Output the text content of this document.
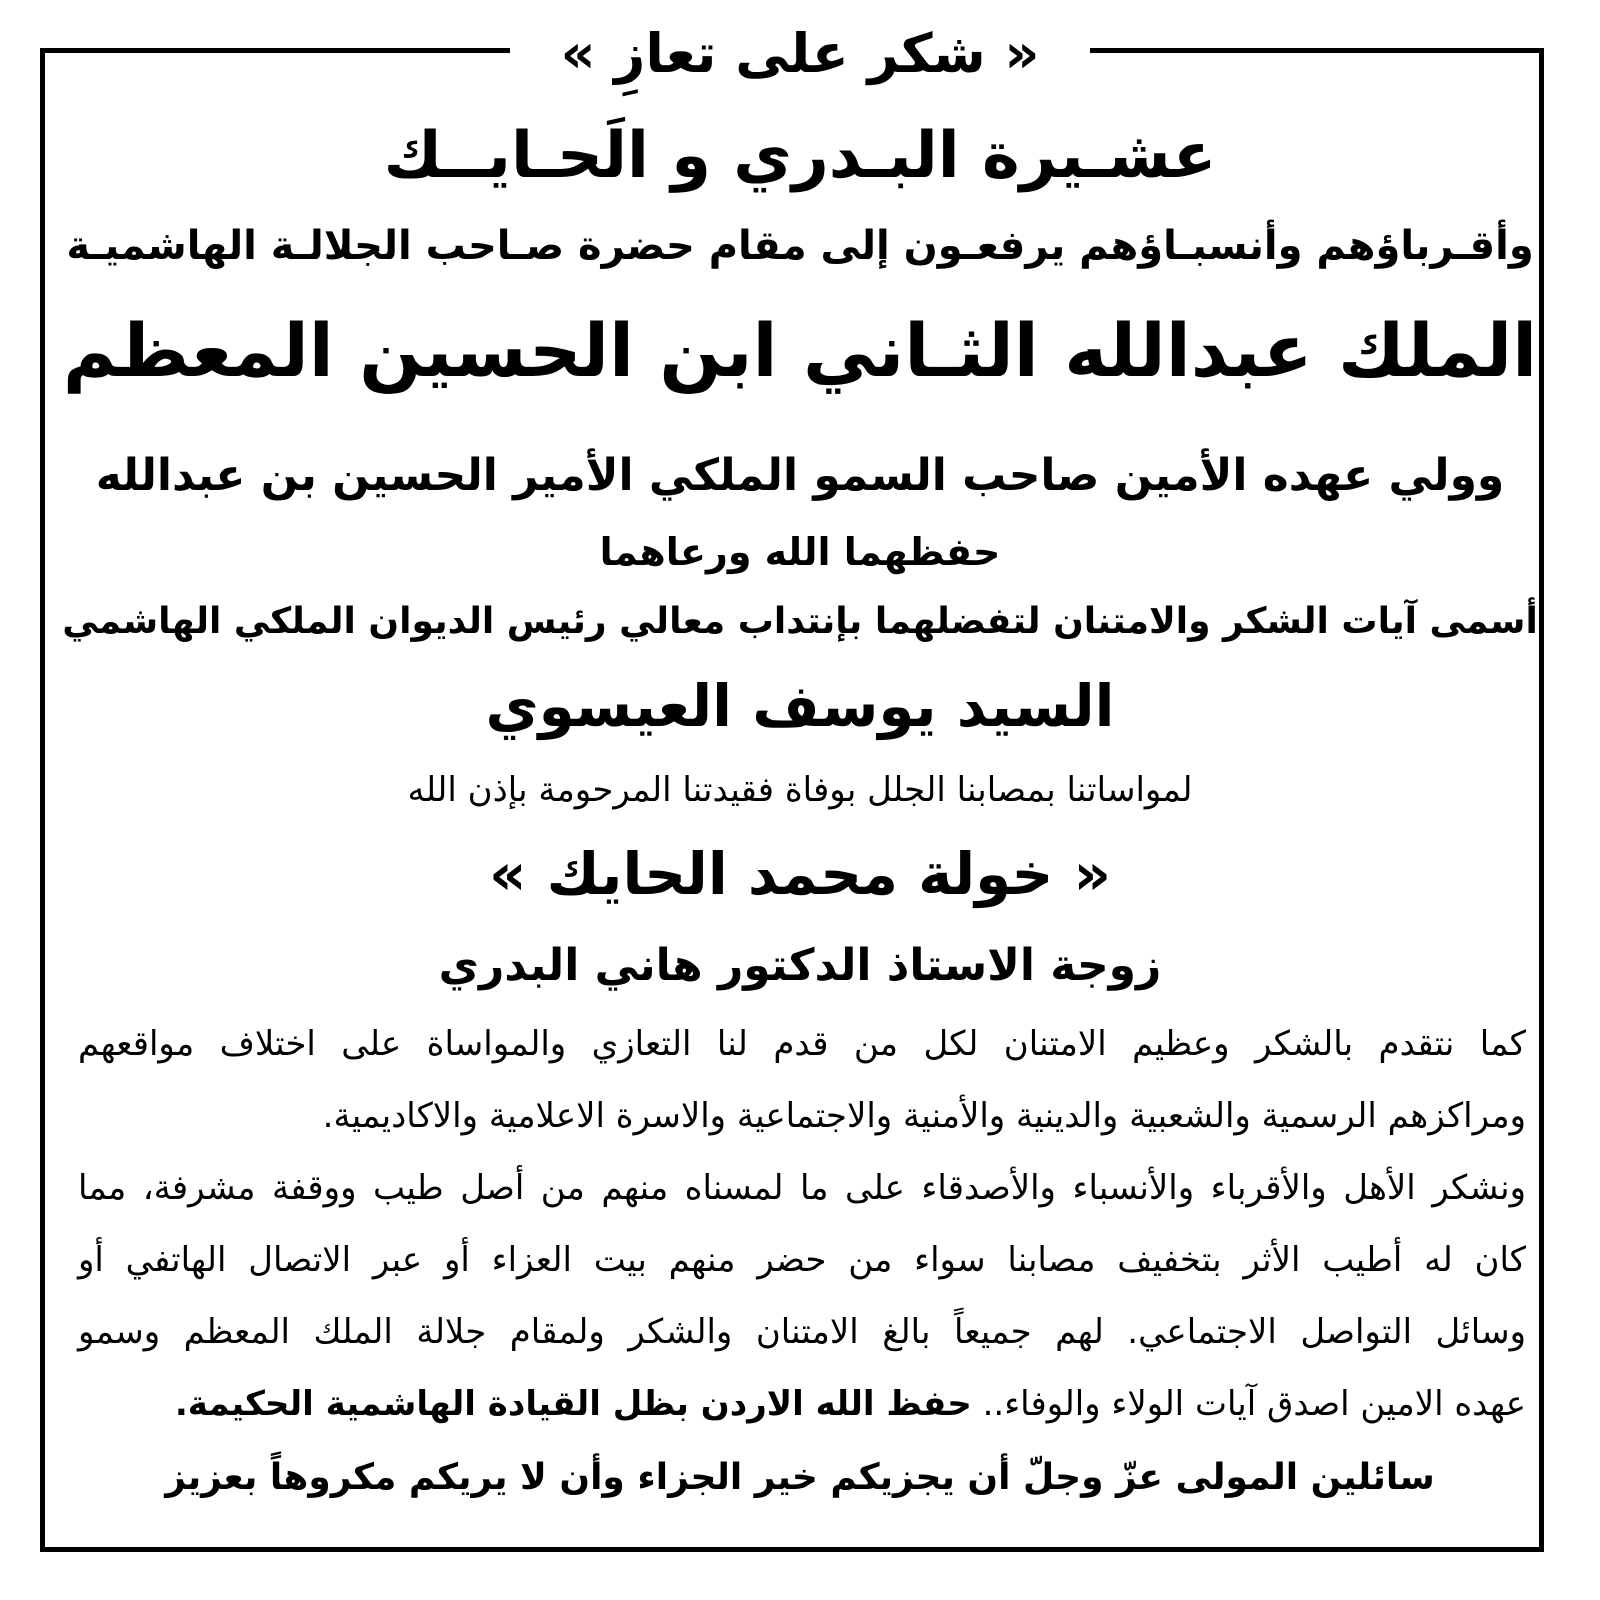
« شكر على تعازِ »
عشـيرة البـدري و الَحـايــك
وأقـرباؤهم وأنسبـاؤهم يرفعـون إلى مقام حضرة صـاحب الجلالـة الهاشميـة
الملك عبدالله الثـاني ابن الحسين المعظم
وولي عهده الأمين صاحب السمو الملكي الأمير الحسين بن عبدالله
حفظهما الله ورعاهما
أسمى آيات الشكر والامتنان لتفضلهما بإنتداب معالي رئيس الديوان الملكي الهاشمي
السيد يوسف العيسوي
لمواساتنا بمصابنا الجلل بوفاة فقيدتنا المرحومة بإذن الله
« خولة محمد الحايك »
زوجة الاستاذ الدكتور هاني البدري
كما نتقدم بالشكر وعظيم الامتنان لكل من قدم لنا التعازي والمواساة على اختلاف مواقعهم
ومراكزهم الرسمية والشعبية والدينية والأمنية والاجتماعية والاسرة الاعلامية والاكاديمية.
ونشكر الأهل والأقرباء والأنسباء والأصدقاء على ما لمسناه منهم من أصل طيب ووقفة مشرفة، مما
كان له أطيب الأثر بتخفيف مصابنا سواء من حضر منهم بيت العزاء أو عبر الاتصال الهاتفي أو
وسائل التواصل الاجتماعي. لهم جميعاً بالغ الامتنان والشكر ولمقام جلالة الملك المعظم وسمو
عهده الامين اصدق آيات الولاء والوفاء.. حفظ الله الاردن بظل القيادة الهاشمية الحكيمة.
سائلين المولى عزّ وجلّ أن يجزيكم خير الجزاء وأن لا يريكم مكروهاً بعزيز
